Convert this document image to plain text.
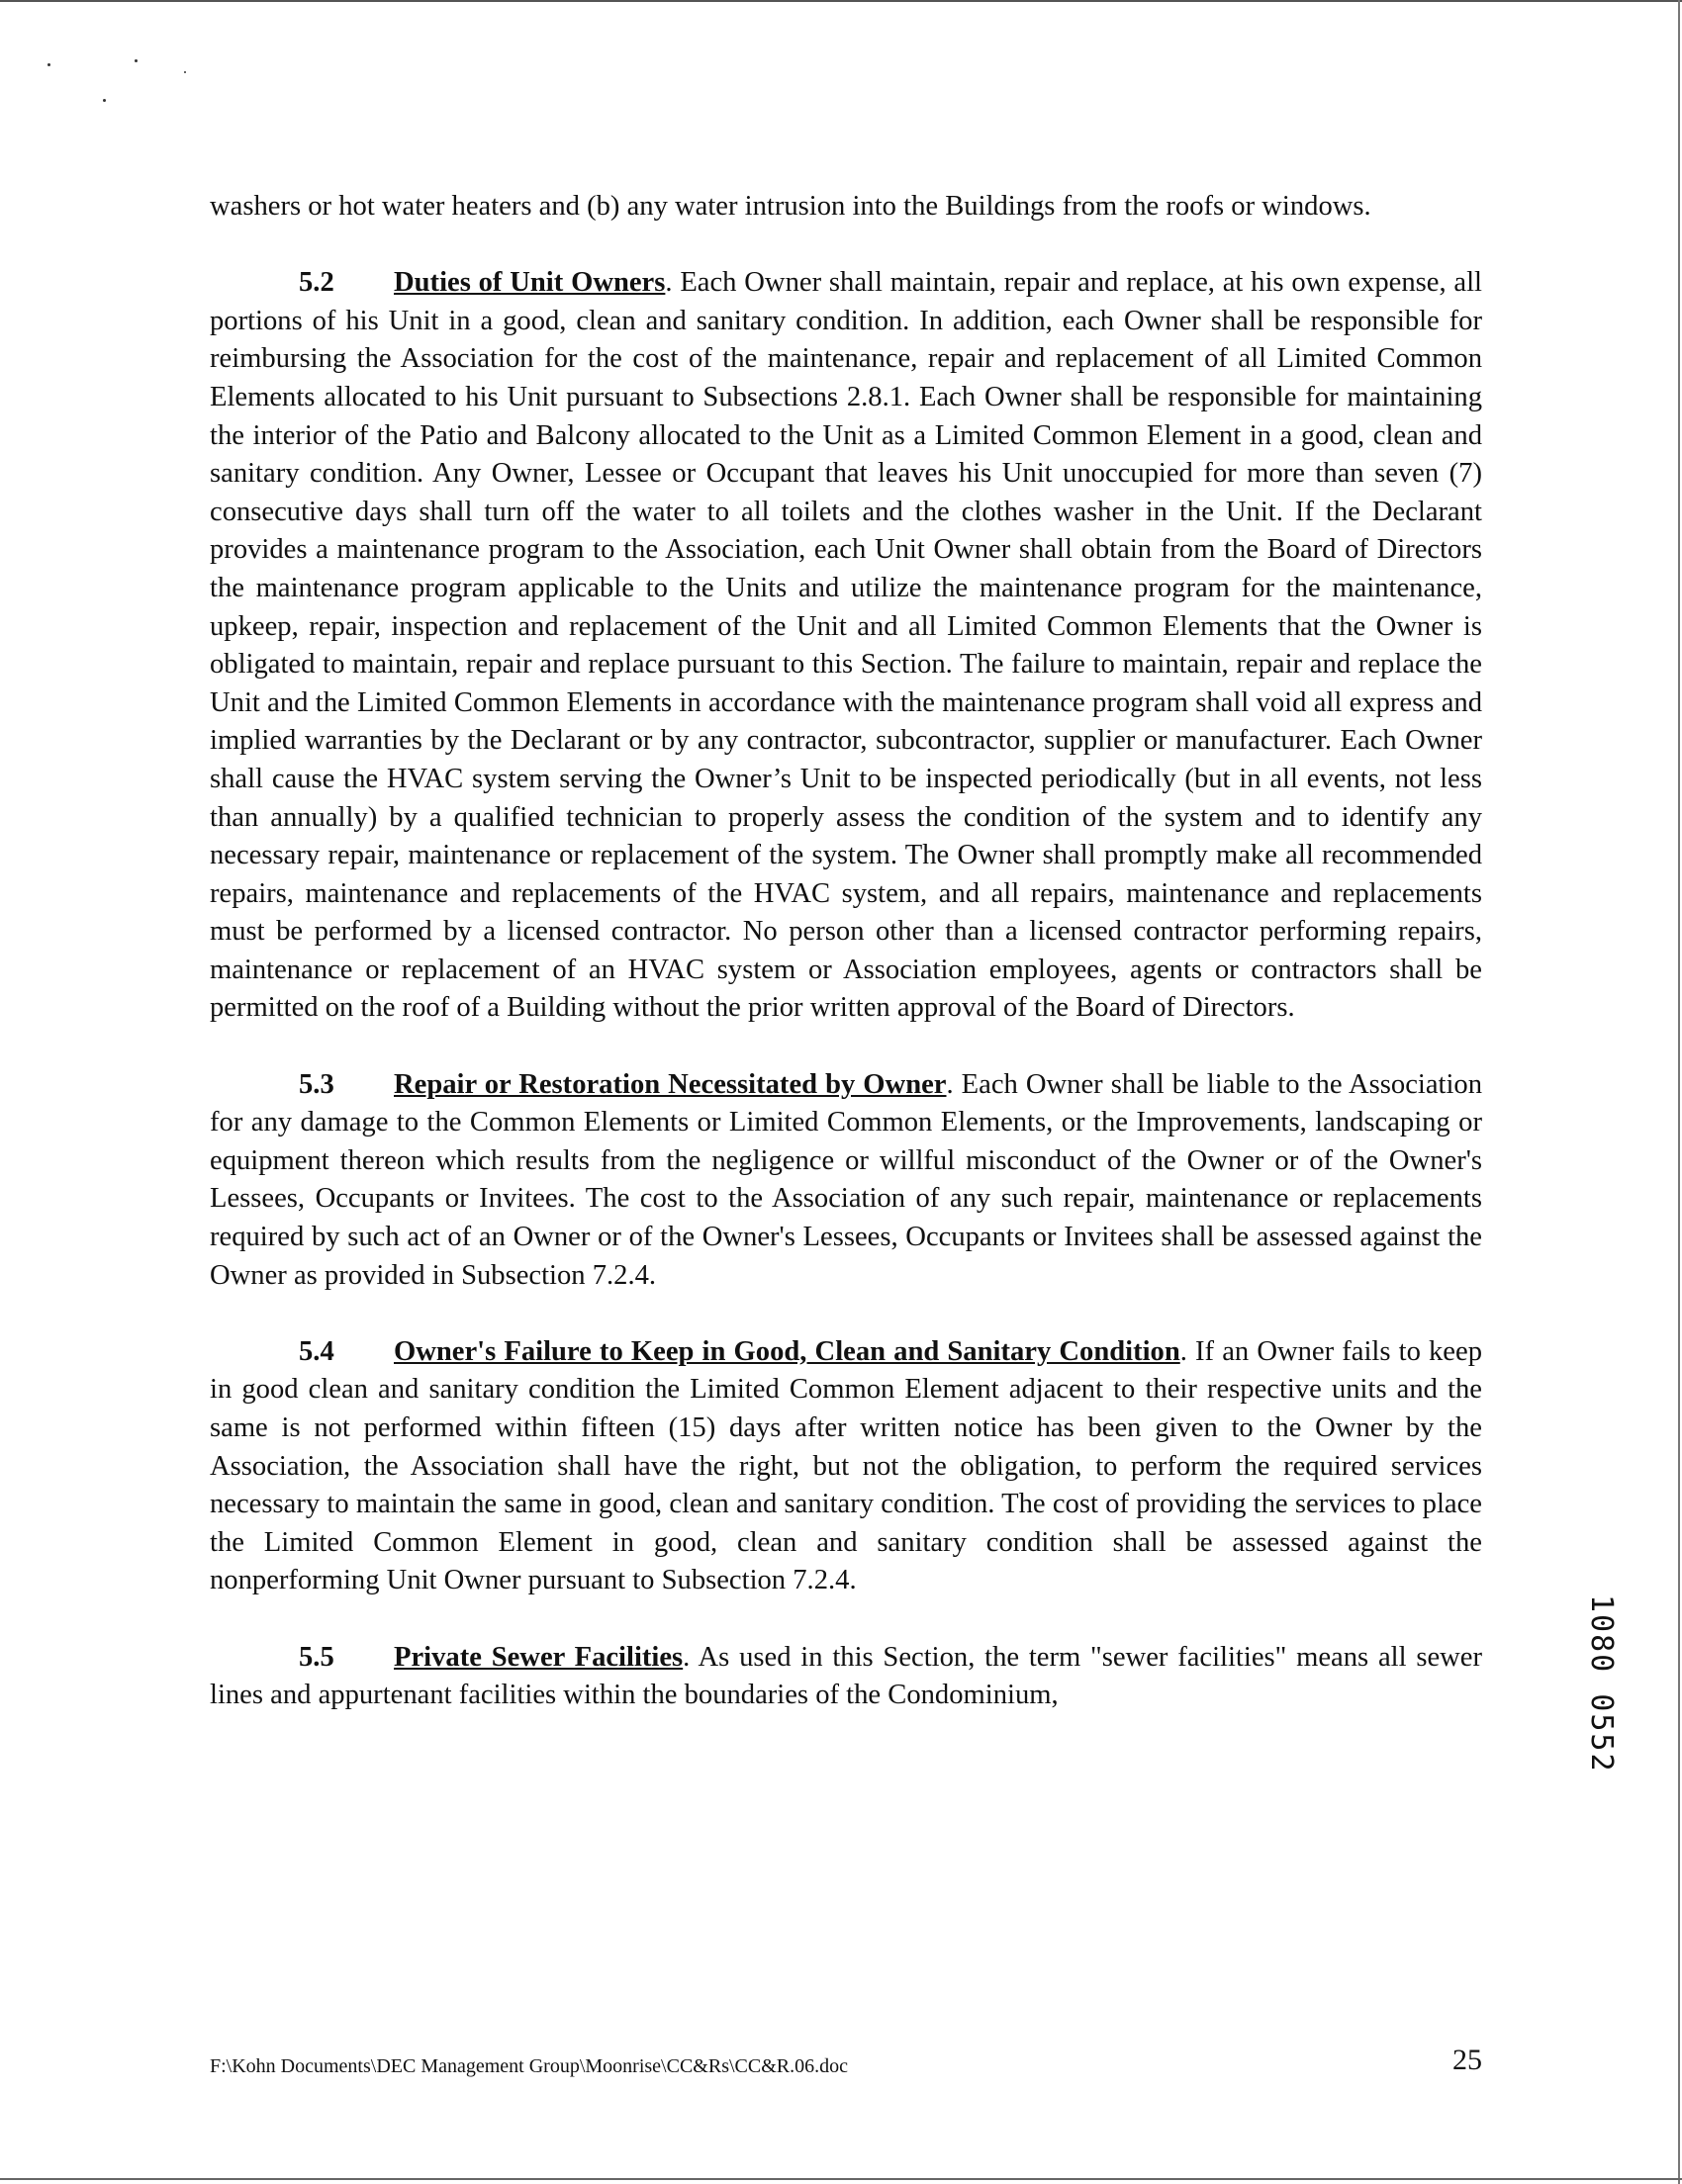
washers or hot water heaters and (b) any water intrusion into the Buildings from the roofs or windows.

5.2 Duties of Unit Owners. Each Owner shall maintain, repair and replace, at his own expense, all portions of his Unit in a good, clean and sanitary condition. In addition, each Owner shall be responsible for reimbursing the Association for the cost of the maintenance, repair and replacement of all Limited Common Elements allocated to his Unit pursuant to Subsections 2.8.1. Each Owner shall be responsible for maintaining the interior of the Patio and Balcony allocated to the Unit as a Limited Common Element in a good, clean and sanitary condition. Any Owner, Lessee or Occupant that leaves his Unit unoccupied for more than seven (7) consecutive days shall turn off the water to all toilets and the clothes washer in the Unit. If the Declarant provides a maintenance program to the Association, each Unit Owner shall obtain from the Board of Directors the maintenance program applicable to the Units and utilize the maintenance program for the maintenance, upkeep, repair, inspection and replacement of the Unit and all Limited Common Elements that the Owner is obligated to maintain, repair and replace pursuant to this Section. The failure to maintain, repair and replace the Unit and the Limited Common Elements in accordance with the maintenance program shall void all express and implied warranties by the Declarant or by any contractor, subcontractor, supplier or manufacturer. Each Owner shall cause the HVAC system serving the Owner’s Unit to be inspected periodically (but in all events, not less than annually) by a qualified technician to properly assess the condition of the system and to identify any necessary repair, maintenance or replacement of the system. The Owner shall promptly make all recommended repairs, maintenance and replacements of the HVAC system, and all repairs, maintenance and replacements must be performed by a licensed contractor. No person other than a licensed contractor performing repairs, maintenance or replacement of an HVAC system or Association employees, agents or contractors shall be permitted on the roof of a Building without the prior written approval of the Board of Directors.

5.3 Repair or Restoration Necessitated by Owner. Each Owner shall be liable to the Association for any damage to the Common Elements or Limited Common Elements, or the Improvements, landscaping or equipment thereon which results from the negligence or willful misconduct of the Owner or of the Owner's Lessees, Occupants or Invitees. The cost to the Association of any such repair, maintenance or replacements required by such act of an Owner or of the Owner's Lessees, Occupants or Invitees shall be assessed against the Owner as provided in Subsection 7.2.4.

5.4 Owner's Failure to Keep in Good, Clean and Sanitary Condition. If an Owner fails to keep in good clean and sanitary condition the Limited Common Element adjacent to their respective units and the same is not performed within fifteen (15) days after written notice has been given to the Owner by the Association, the Association shall have the right, but not the obligation, to perform the required services necessary to maintain the same in good, clean and sanitary condition. The cost of providing the services to place the Limited Common Element in good, clean and sanitary condition shall be assessed against the nonperforming Unit Owner pursuant to Subsection 7.2.4.

5.5 Private Sewer Facilities. As used in this Section, the term "sewer facilities" means all sewer lines and appurtenant facilities within the boundaries of the Condominium,	1080 0552
F:\Kohn Documents\DEC Management Group\Moonrise\CC&Rs\CC&R.06.doc	25
